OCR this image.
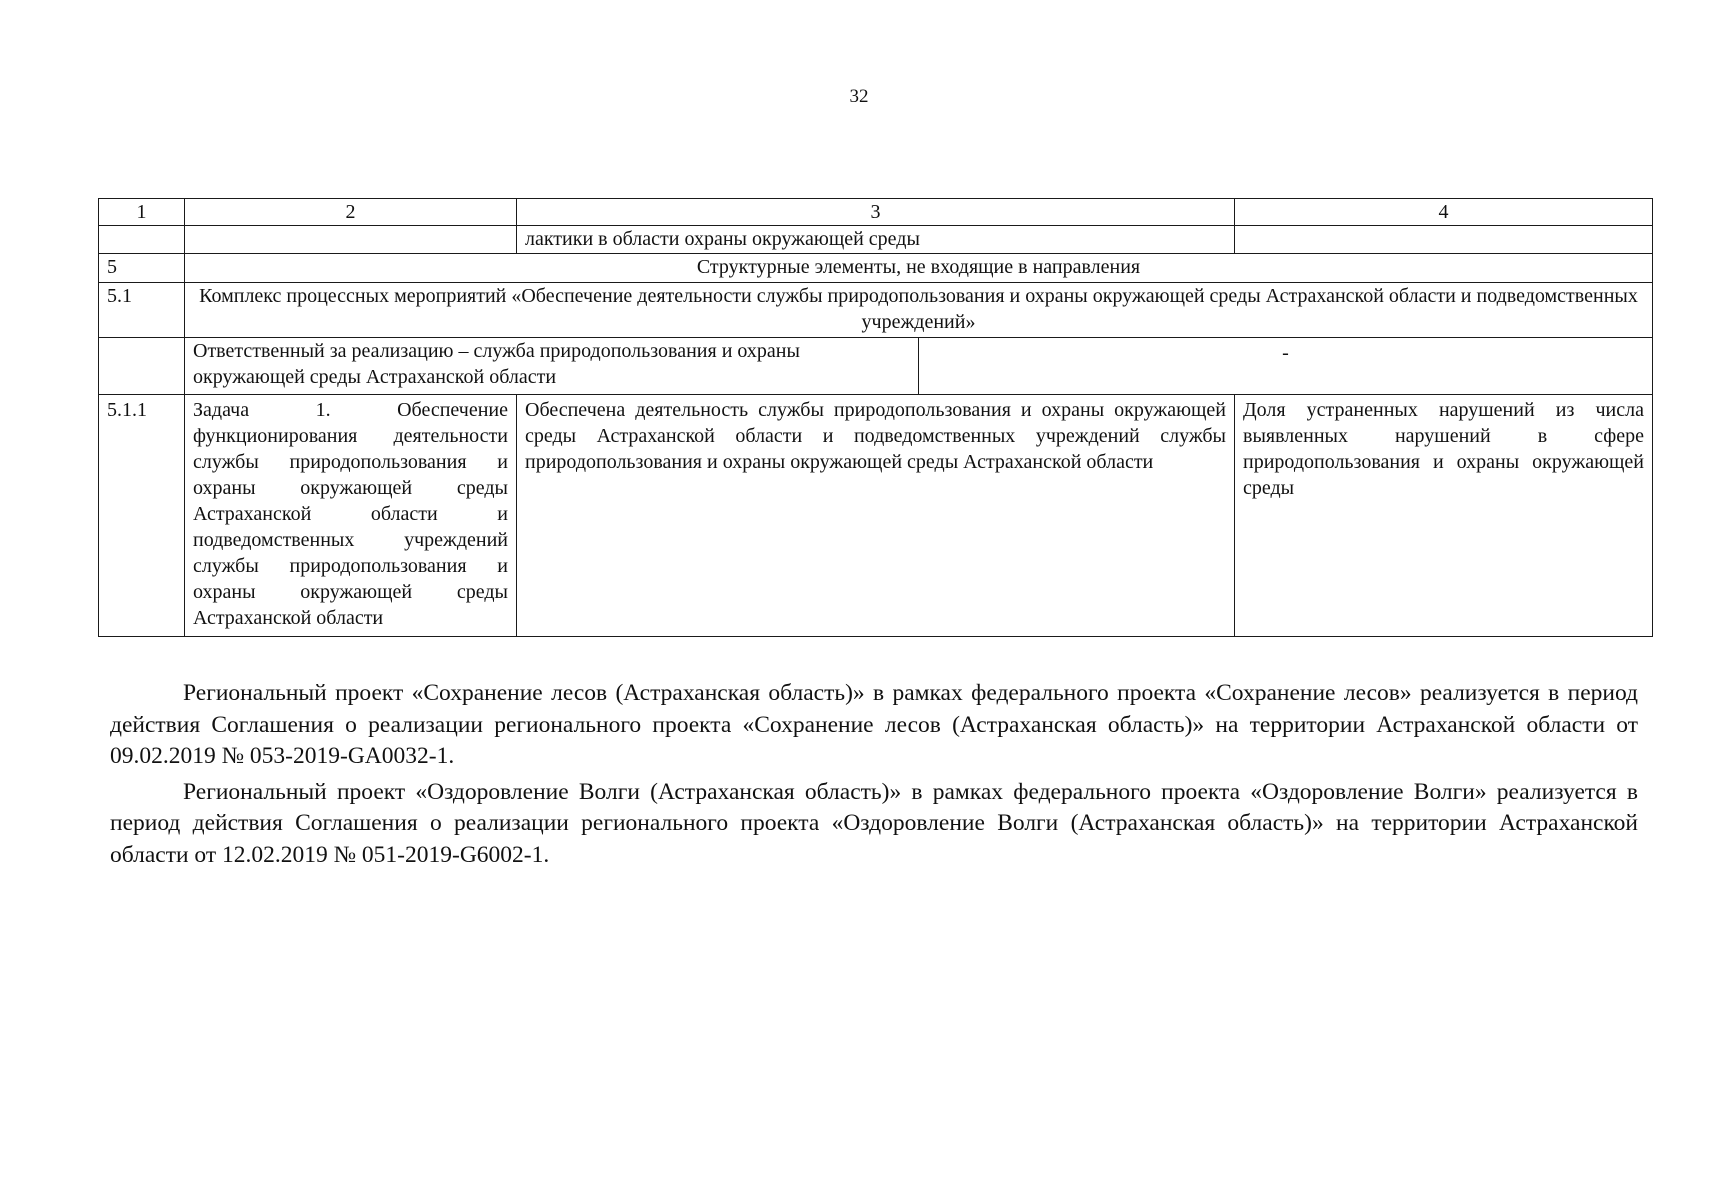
32
1	2	3		4
		лактики в области охраны окружающей среды		
5	Структурные элементы, не входящие в направления			
5.1	Комплекс процессных мероприятий «Обеспечение деятельности службы природопользования и охраны окружающей среды Астраханской области и подведомственных учреждений»			
	Ответственный за реализацию – служба природопользования и охраны окружающей среды Астраханской области		-	
5.1.1	Задача 1. Обеспечение функционирования деятельности службы природопользования и охраны окружающей среды Астраханской области и подведомственных учреждений службы природопользования и охраны окружающей среды Астраханской области	Обеспечена деятельность службы природопользования и охраны окружающей среды Астраханской области и подведомственных учреждений службы природопользования и охраны окружающей среды Астраханской области		Доля устраненных нарушений из числа выявленных нарушений в сфере природопользования и охраны окружающей среды

Региональный проект «Сохранение лесов (Астраханская область)» в рамках федерального проекта «Сохранение лесов» реализуется в период действия Соглашения о реализации регионального проекта «Сохранение лесов (Астраханская область)» на территории Астраханской области от 09.02.2019 № 053-2019-GA0032-1.

Региональный проект «Оздоровление Волги (Астраханская область)» в рамках федерального проекта «Оздоровление Волги» реализуется в период действия Соглашения о реализации регионального проекта «Оздоровление Волги (Астраханская область)» на территории Астраханской области от 12.02.2019 № 051-2019-G6002-1.
